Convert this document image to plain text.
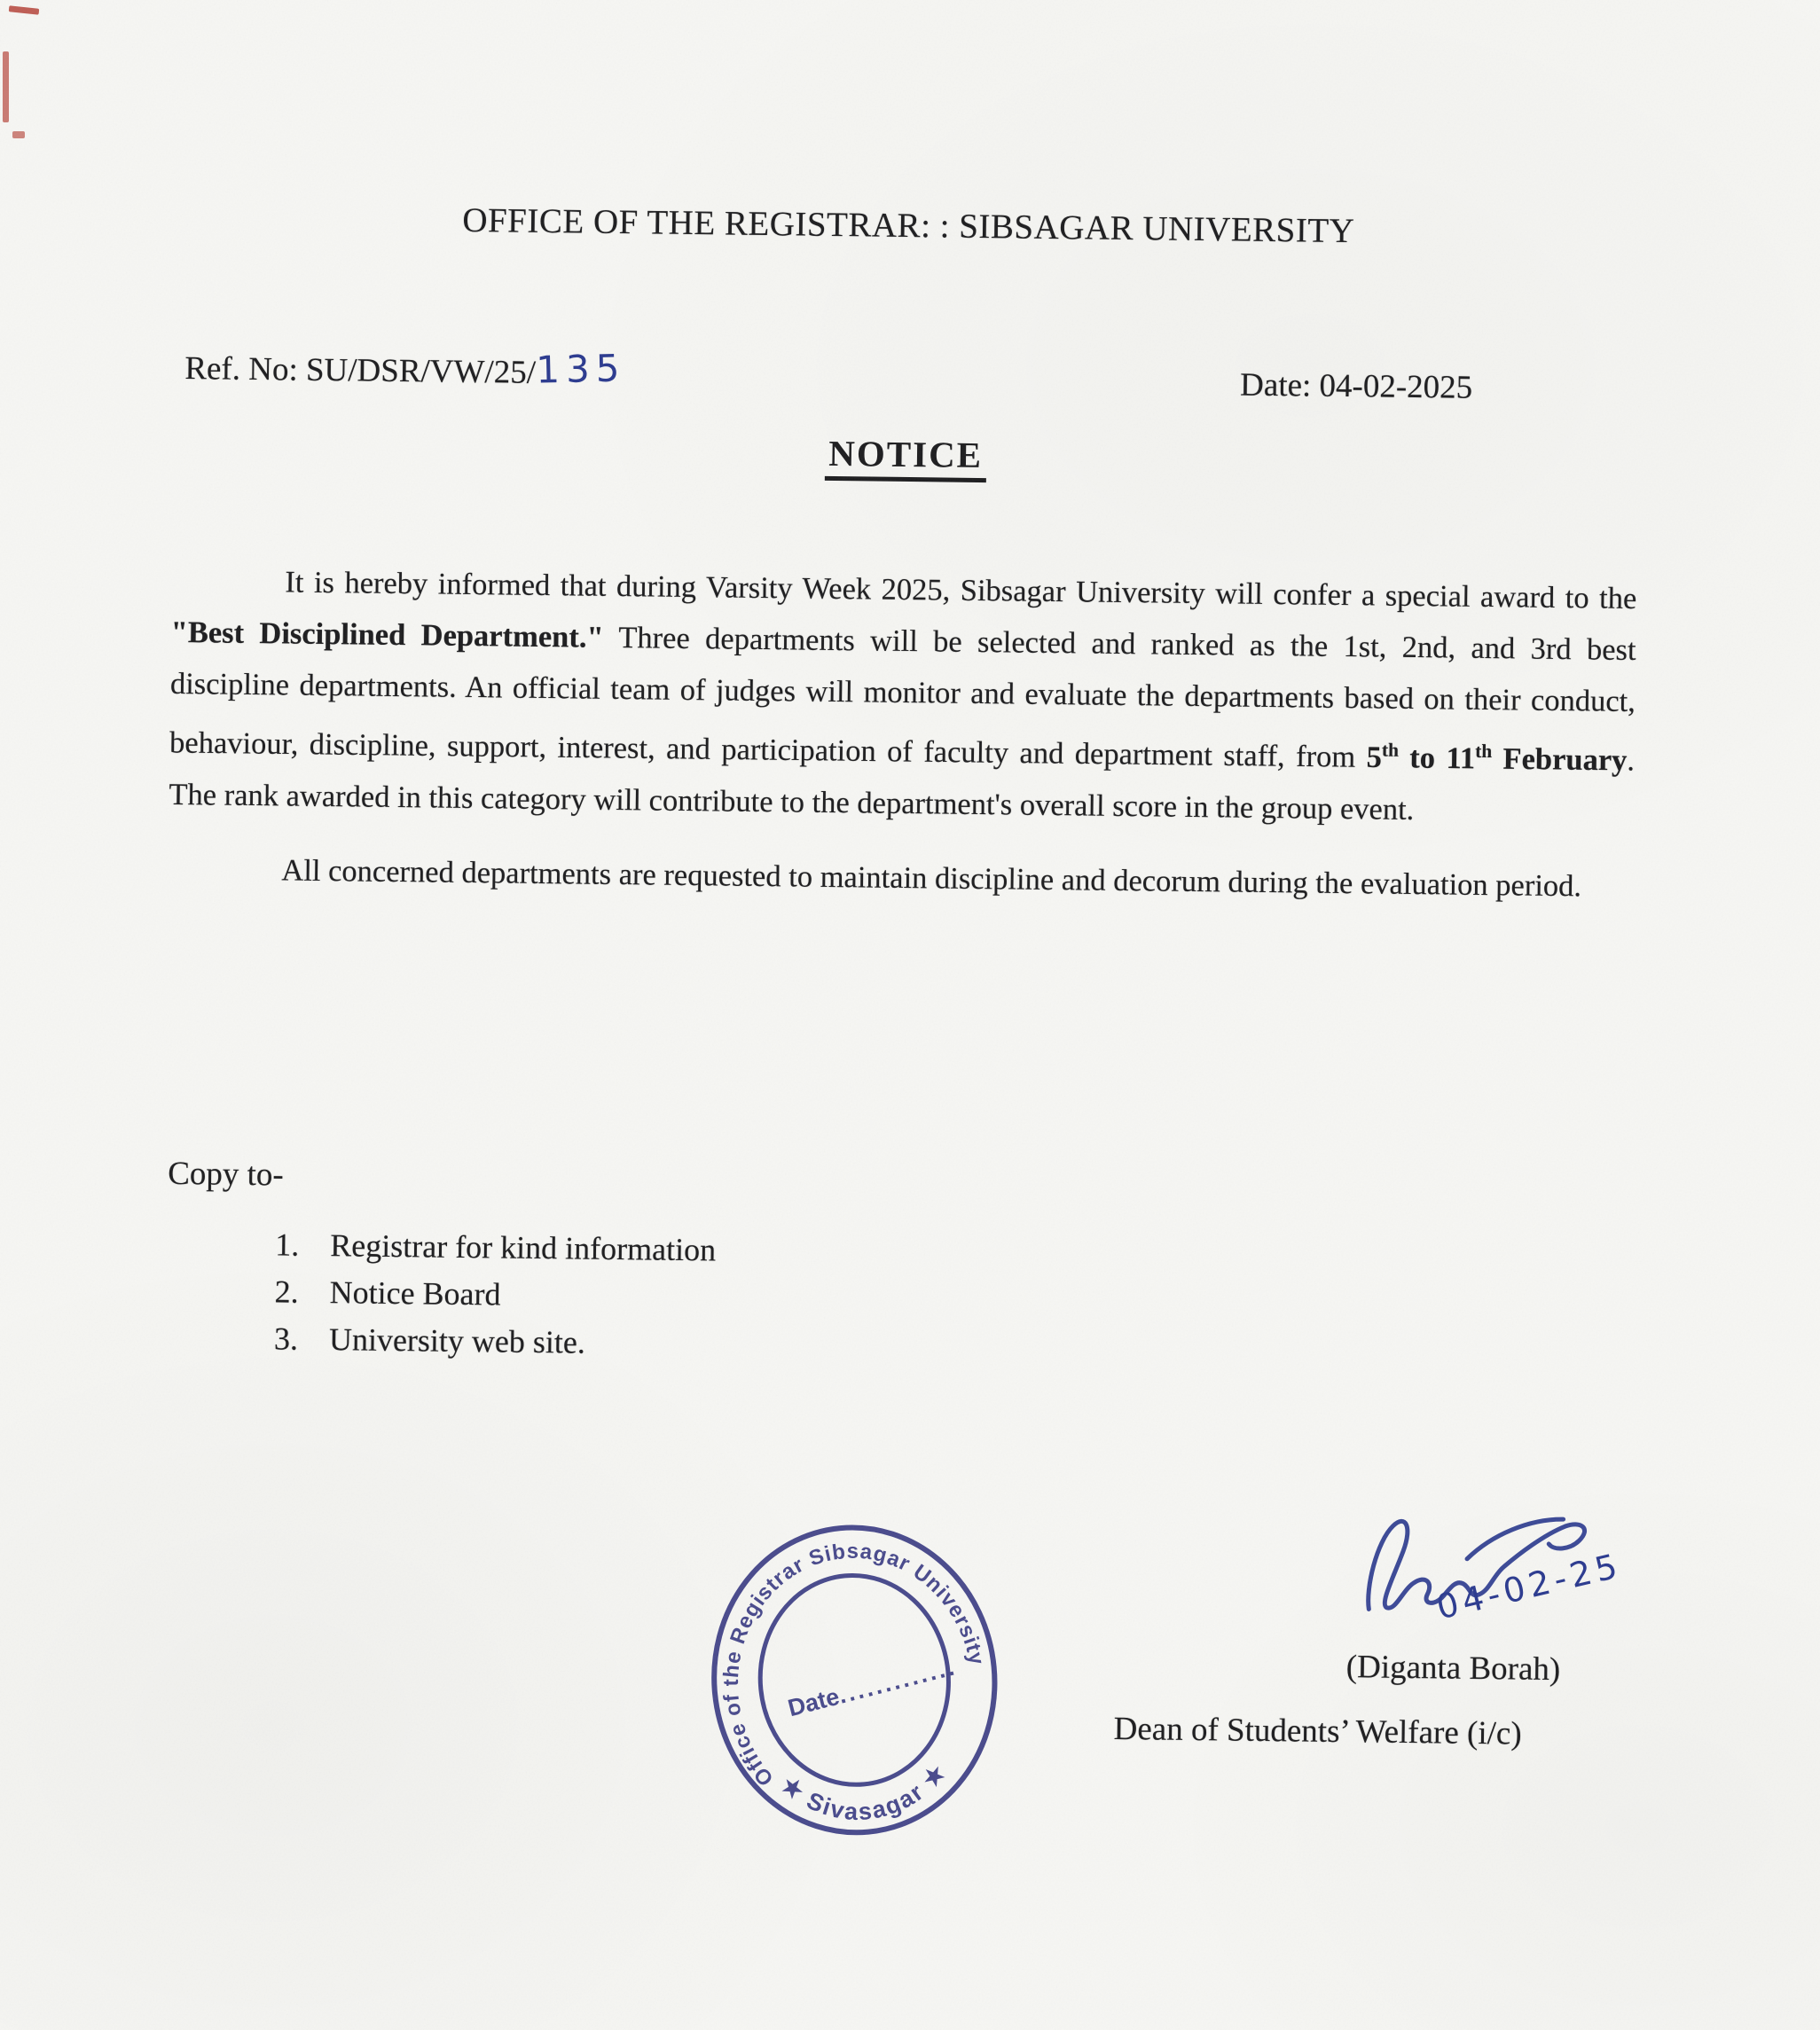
OFFICE OF THE REGISTRAR: : SIBSAGAR UNIVERSITY
Ref. No: SU/DSR/VW/25/135	Date: 04-02-2025
NOTICE

It is hereby informed that during Varsity Week 2025, Sibsagar University will confer a special award to the "Best Disciplined Department." Three departments will be selected and ranked as the 1st, 2nd, and 3rd best discipline departments. An official team of judges will monitor and evaluate the departments based on their conduct, behaviour, discipline, support, interest, and participation of faculty and department staff, from 5th to 11th February. The rank awarded in this category will contribute to the department's overall score in the group event.

All concerned departments are requested to maintain discipline and decorum during the evaluation period.

Copy to-
1. Registrar for kind information
2. Notice Board
3. University web site.
Office of the Registrar Sibsagar University
★ Sivasagar ★
Date.............
04-02-25
(Diganta Borah)
Dean of Students’ Welfare (i/c)
